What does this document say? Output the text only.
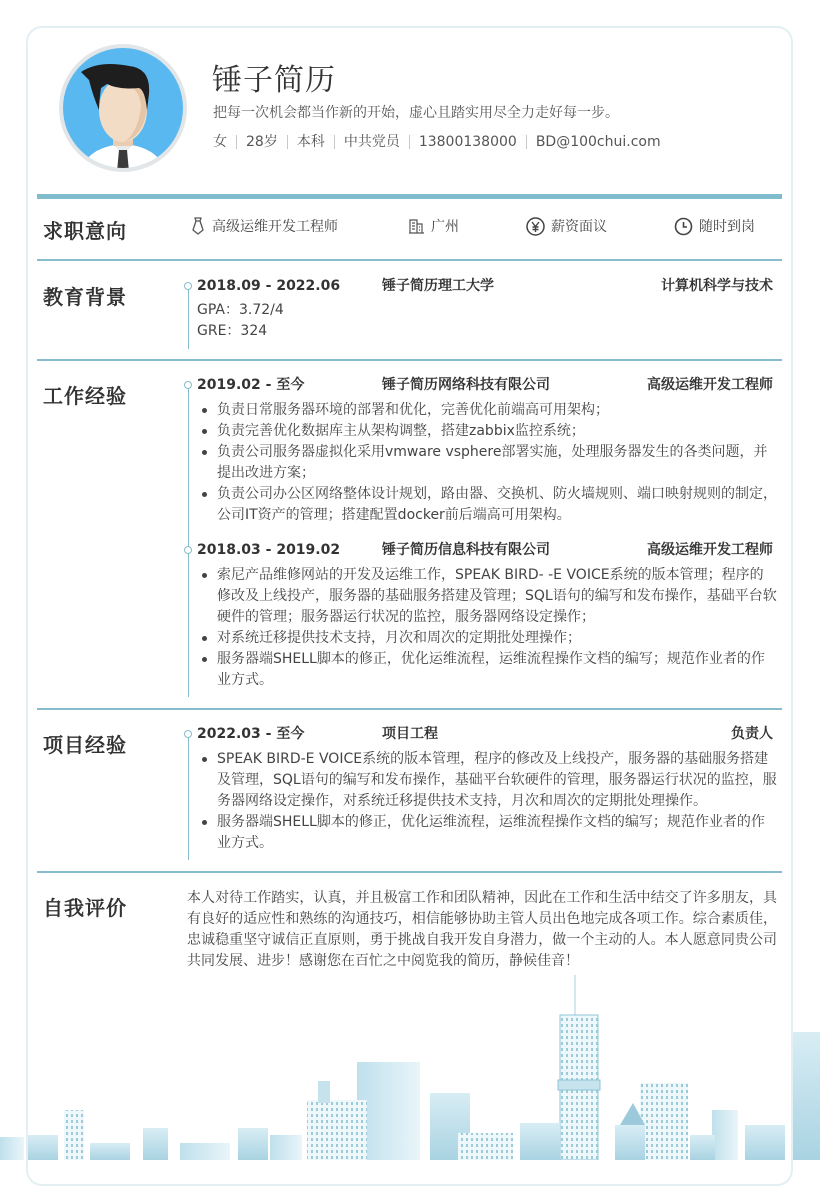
锤子简历
把每一次机会都当作新的开始，虚心且踏实用尽全力走好每一步。
女 28岁 本科 中共党员 13800138000 BD@100chui.com
求职意向	高级运维开发工程师	广州	薪资面议	随时到岗
教育背景	2018.09 - 2022.06	锤子简历理工大学	计算机科学与技术
GPA：3.72/4
GRE：324
工作经验	2019.02 - 至今	锤子简历网络科技有限公司	高级运维开发工程师
负责日常服务器环境的部署和优化，完善优化前端高可用架构；
负责完善优化数据库主从架构调整，搭建zabbix监控系统；
负责公司服务器虚拟化采用vmware vsphere部署实施，处理服务器发生的各类问题，并提出改进方案；
负责公司办公区网络整体设计规划，路由器、交换机、防火墙规则、端口映射规则的制定，公司IT资产的管理；搭建配置docker前后端高可用架构。
2018.03 - 2019.02	锤子简历信息科技有限公司	高级运维开发工程师
索尼产品维修网站的开发及运维工作，SPEAK BIRD- -E VOICE系统的版本管理；程序的修改及上线投产，服务器的基础服务搭建及管理；SQL语句的编写和发布操作，基础平台软硬件的管理；服务器运行状况的监控，服务器网络设定操作；
对系统迁移提供技术支持，月次和周次的定期批处理操作；
服务器端SHELL脚本的修正，优化运维流程，运维流程操作文档的编写；规范作业者的作业方式。
项目经验	2022.03 - 至今	项目工程	负责人
SPEAK BIRD-E VOICE系统的版本管理，程序的修改及上线投产，服务器的基础服务搭建及管理，SQL语句的编写和发布操作，基础平台软硬件的管理，服务器运行状况的监控，服务器网络设定操作，对系统迁移提供技术支持，月次和周次的定期批处理操作。
服务器端SHELL脚本的修正，优化运维流程，运维流程操作文档的编写；规范作业者的作业方式。
自我评价	本人对待工作踏实，认真，并且极富工作和团队精神，因此在工作和生活中结交了许多朋友，具有良好的适应性和熟练的沟通技巧，相信能够协助主管人员出色地完成各项工作。综合素质佳，忠诚稳重坚守诚信正直原则，勇于挑战自我开发自身潜力，做一个主动的人。本人愿意同贵公司共同发展、进步！感谢您在百忙之中阅览我的简历，静候佳音！
